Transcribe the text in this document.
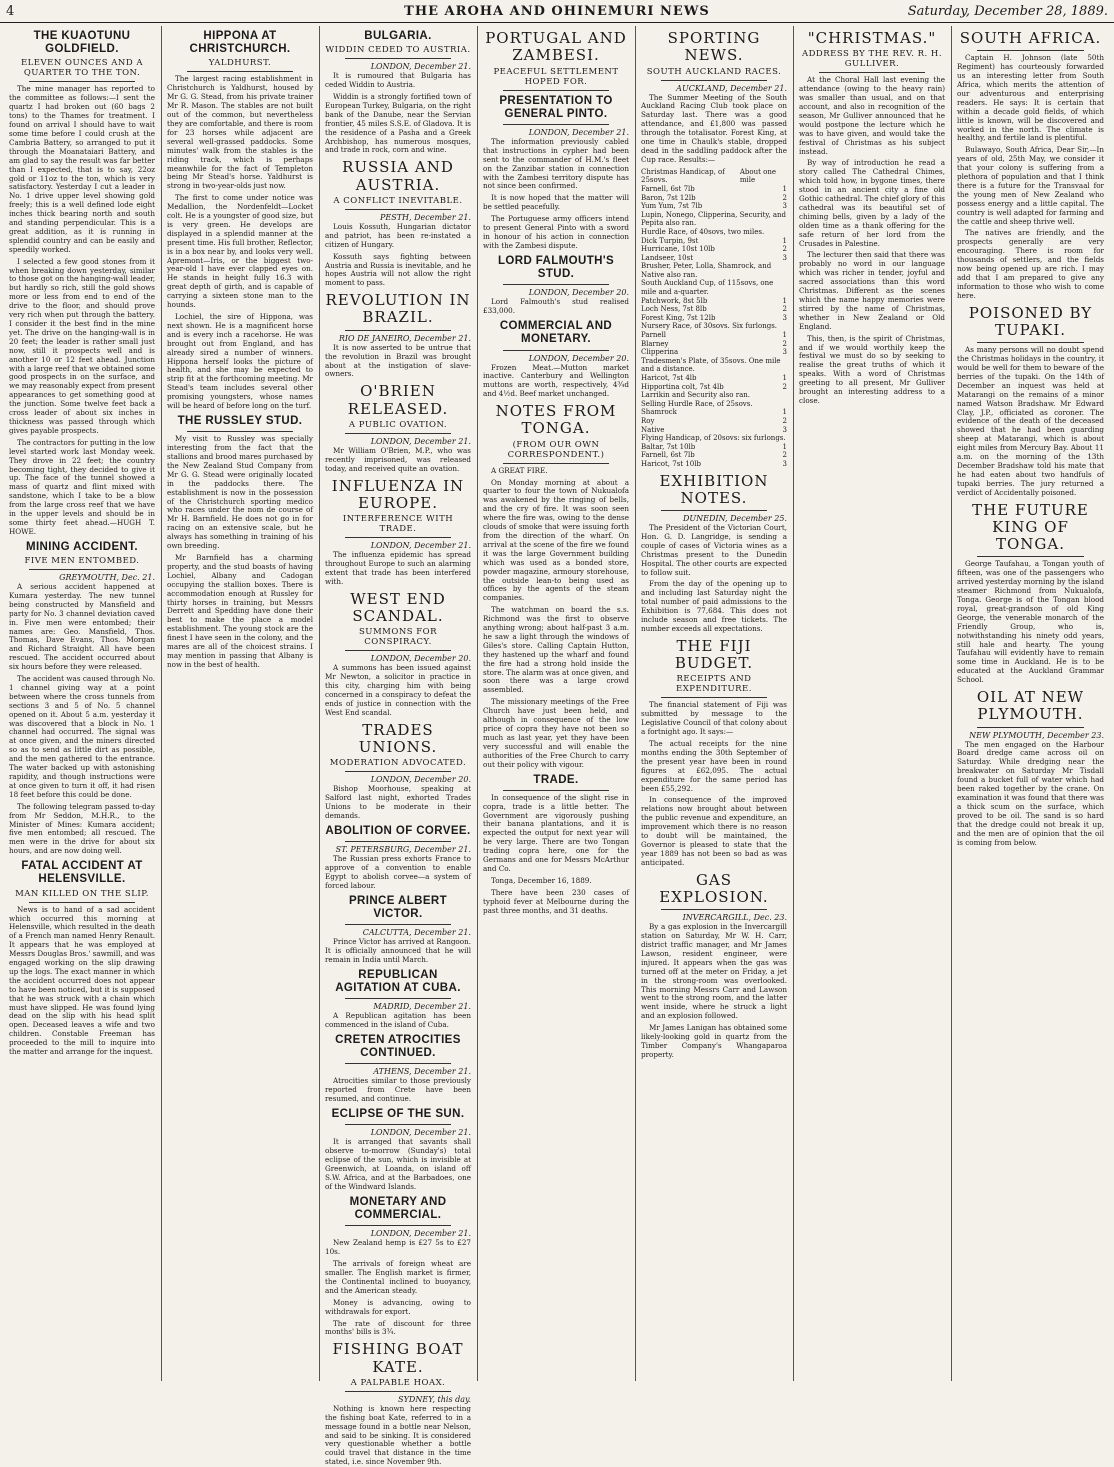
4	THE AROHA AND OHINEMURI NEWS	Saturday, December 28, 1889.
THE KUAOTUNU GOLDFIELD.
ELEVEN OUNCES AND A QUARTER TO THE TON.

The mine manager has reported to the committee as follows:—I sent the quartz I had broken out (60 bags 2 tons) to the Thames for treatment. I found on arrival I should have to wait some time before I could crush at the Cambria Battery, so arranged to put it through the Moanataiari Battery, and am glad to say the result was far better than I expected, that is to say, 22oz gold or 11oz to the ton, which is very satisfactory. Yesterday I cut a leader in No. 1 drive upper level showing gold freely; this is a well defined lode eight inches thick bearing north and south and standing perpendicular. This is a great addition, as it is running in splendid country and can be easily and speedily worked.

I selected a few good stones from it when breaking down yesterday, similar to those got on the hanging-wall leader, but hardly so rich, still the gold shows more or less from end to end of the drive to the floor, and should prove very rich when put through the battery. I consider it the best find in the mine yet. The drive on the hanging-wall is in 20 feet; the leader is rather small just now, still it prospects well and is another 10 or 12 feet ahead. Junction with a large reef that we obtained some good prospects in on the surface, and we may reasonably expect from present appearances to get something good at the junction. Some twelve feet back a cross leader of about six inches in thickness was passed through which gives payable prospects.

The contractors for putting in the low level started work last Monday week. They drove in 22 feet; the country becoming tight, they decided to give it up. The face of the tunnel showed a mass of quartz and flint mixed with sandstone, which I take to be a blow from the large cross reef that we have in the upper levels and should be in some thirty feet ahead.—HUGH T. HOWE.

MINING ACCIDENT.
FIVE MEN ENTOMBED.
GREYMOUTH, Dec. 21.

A serious accident happened at Kumara yesterday. The new tunnel being constructed by Mansfield and party for No. 3 channel deviation caved in. Five men were entombed; their names are: Geo. Mansfield, Thos. Thomas, Dave Evans, Thos. Morgan and Richard Straight. All have been rescued. The accident occurred about six hours before they were released.

The accident was caused through No. 1 channel giving way at a point between where the cross tunnels from sections 3 and 5 of No. 5 channel opened on it. About 5 a.m. yesterday it was discovered that a block in No. 1 channel had occurred. The signal was at once given, and the miners directed so as to send as little dirt as possible, and the men gathered to the entrance. The water backed up with astonishing rapidity, and though instructions were at once given to turn it off, it had risen 18 feet before this could be done.

The following telegram passed to-day from Mr Seddon, M.H.R., to the Minister of Mines: Kumara accident; five men entombed; all rescued. The men were in the drive for about six hours, and are now doing well.

FATAL ACCIDENT AT HELENSVILLE.
MAN KILLED ON THE SLIP.

News is to hand of a sad accident which occurred this morning at Helensville, which resulted in the death of a French man named Henry Renault. It appears that he was employed at Messrs Douglas Bros.' sawmill, and was engaged working on the slip drawing up the logs. The exact manner in which the accident occurred does not appear to have been noticed, but it is supposed that he was struck with a chain which must have slipped. He was found lying dead on the slip with his head split open. Deceased leaves a wife and two children. Constable Freeman has proceeded to the mill to inquire into the matter and arrange for the inquest.

HIPPONA AT CHRISTCHURCH.
YALDHURST.

The largest racing establishment in Christchurch is Yaldhurst, housed by Mr G. G. Stead, from his private trainer Mr R. Mason. The stables are not built out of the common, but nevertheless they are comfortable, and there is room for 23 horses while adjacent are several well-grassed paddocks. Some minutes' walk from the stables is the riding track, which is perhaps meanwhile for the fact of Templeton being Mr Stead's horse. Yaldhurst is strong in two-year-olds just now.

The first to come under notice was Medallion, the Nordenfeldt—Locket colt. He is a youngster of good size, but is very green. He develops are displayed in a splendid manner at the present time. His full brother, Reflector, is in a box near by, and looks very well. Apremont—Iris, or the biggest two-year-old I have ever clapped eyes on. He stands in height fully 16.3 with great depth of girth, and is capable of carrying a sixteen stone man to the hounds.

Lochiel, the sire of Hippona, was next shown. He is a magnificent horse and is every inch a racehorse. He was brought out from England, and has already sired a number of winners. Hippona herself looks the picture of health, and she may be expected to strip fit at the forthcoming meeting. Mr Stead's team includes several other promising youngsters, whose names will be heard of before long on the turf.

THE RUSSLEY STUD.

My visit to Russley was specially interesting from the fact that the stallions and brood mares purchased by the New Zealand Stud Company from Mr G. G. Stead were originally located in the paddocks there. The establishment is now in the possession of the Christchurch sporting medico who races under the nom de course of Mr H. Barnfield. He does not go in for racing on an extensive scale, but he always has something in training of his own breeding.

Mr Barnfield has a charming property, and the stud boasts of having Lochiel, Albany and Cadogan occupying the stallion boxes. There is accommodation enough at Russley for thirty horses in training, but Messrs Derrett and Spedding have done their best to make the place a model establishment. The young stock are the finest I have seen in the colony, and the mares are all of the choicest strains. I may mention in passing that Albany is now in the best of health.

BULGARIA.
WIDDIN CEDED TO AUSTRIA.
LONDON, December 21.

It is rumoured that Bulgaria has ceded Widdin to Austria.

Widdin is a strongly fortified town of European Turkey, Bulgaria, on the right bank of the Danube, near the Servian frontier, 45 miles S.S.E. of Gladova. It is the residence of a Pasha and a Greek Archbishop, has numerous mosques, and trade in rock, corn and wine.

RUSSIA AND AUSTRIA.
A CONFLICT INEVITABLE.
PESTH, December 21.

Louis Kossuth, Hungarian dictator and patriot, has been re-instated a citizen of Hungary.

Kossuth says fighting between Austria and Russia is inevitable, and he hopes Austria will not allow the right moment to pass.

REVOLUTION IN BRAZIL.
RIO DE JANEIRO, December 21.

It is now asserted to be untrue that the revolution in Brazil was brought about at the instigation of slave-owners.

O'BRIEN RELEASED.
A PUBLIC OVATION.
LONDON, December 21.

Mr William O'Brien, M.P., who was recently imprisoned, was released today, and received quite an ovation.

INFLUENZA IN EUROPE.
INTERFERENCE WITH TRADE.
LONDON, December 21.

The influenza epidemic has spread throughout Europe to such an alarming extent that trade has been interfered with.

WEST END SCANDAL.
SUMMONS FOR CONSPIRACY.
LONDON, December 20.

A summons has been issued against Mr Newton, a solicitor in practice in this city, charging him with being concerned in a conspiracy to defeat the ends of justice in connection with the West End scandal.

TRADES UNIONS.
MODERATION ADVOCATED.
LONDON, December 20.

Bishop Moorhouse, speaking at Salford last night, exhorted Trades Unions to be moderate in their demands.

ABOLITION OF CORVEE.
ST. PETERSBURG, December 21.

The Russian press exhorts France to approve of a convention to enable Egypt to abolish corvee—a system of forced labour.

PRINCE ALBERT VICTOR.
CALCUTTA, December 21.

Prince Victor has arrived at Rangoon. It is officially announced that he will remain in India until March.

REPUBLICAN AGITATION AT CUBA.
MADRID, December 21.

A Republican agitation has been commenced in the island of Cuba.

CRETEN ATROCITIES CONTINUED.
ATHENS, December 21.

Atrocities similar to those previously reported from Crete have been resumed, and continue.

ECLIPSE OF THE SUN.
LONDON, December 21.

It is arranged that savants shall observe to-morrow (Sunday's) total eclipse of the sun, which is invisible at Greenwich, at Loanda, on island off S.W. Africa, and at the Barbadoes, one of the Windward Islands.

MONETARY AND COMMERCIAL.
LONDON, December 21.

New Zealand hemp is £27 5s to £27 10s.

The arrivals of foreign wheat are smaller. The English market is firmer, the Continental inclined to buoyancy, and the American steady.

Money is advancing, owing to withdrawals for export.

The rate of discount for three months' bills is 3¾.

FISHING BOAT KATE.
A PALPABLE HOAX.
SYDNEY, this day.

Nothing is known here respecting the fishing boat Kate, referred to in a message found in a bottle near Nelson, and said to be sinking. It is considered very questionable whether a bottle could travel that distance in the time stated, i.e. since November 9th.

PORTUGAL AND ZAMBESI.
PEACEFUL SETTLEMENT HOPED FOR.
PRESENTATION TO GENERAL PINTO.
LONDON, December 21.

The information previously cabled that instructions in cypher had been sent to the commander of H.M.'s fleet on the Zanzibar station in connection with the Zambesi territory dispute has not since been confirmed.

It is now hoped that the matter will be settled peacefully.

The Portuguese army officers intend to present General Pinto with a sword in honour of his action in connection with the Zambesi dispute.

LORD FALMOUTH'S STUD.
LONDON, December 20.

Lord Falmouth's stud realised £33,000.

COMMERCIAL AND MONETARY.
LONDON, December 20.

Frozen Meat.—Mutton market inactive. Canterbury and Wellington muttons are worth, respectively, 4¾d and 4½d. Beef market unchanged.

NOTES FROM TONGA.
(FROM OUR OWN CORRESPONDENT.)

A GREAT FIRE.

On Monday morning at about a quarter to four the town of Nukualofa was awakened by the ringing of bells, and the cry of fire. It was soon seen where the fire was, owing to the dense clouds of smoke that were issuing forth from the direction of the wharf. On arrival at the scene of the fire we found it was the large Government building which was used as a bonded store, powder magazine, armoury storehouse, the outside lean-to being used as offices by the agents of the steam companies.

The watchman on board the s.s. Richmond was the first to observe anything wrong; about half-past 3 a.m. he saw a light through the windows of Giles's store. Calling Captain Hutton, they hastened up the wharf and found the fire had a strong hold inside the store. The alarm was at once given, and soon there was a large crowd assembled.

The missionary meetings of the Free Church have just been held, and although in consequence of the low price of copra they have not been so much as last year, yet they have been very successful and will enable the authorities of the Free Church to carry out their policy with vigour.

TRADE.

In consequence of the slight rise in copra, trade is a little better. The Government are vigorously pushing their banana plantations, and it is expected the output for next year will be very large. There are two Tongan trading copra here, one for the Germans and one for Messrs McArthur and Co.

Tonga, December 16, 1889.

There have been 230 cases of typhoid fever at Melbourne during the past three months, and 31 deaths.

SPORTING NEWS.
SOUTH AUCKLAND RACES.
AUCKLAND, December 21.

The Summer Meeting of the South Auckland Racing Club took place on Saturday last. There was a good attendance, and £1,800 was passed through the totalisator. Forest King, at one time in Chaulk's stable, dropped dead in the saddling paddock after the Cup race. Results:—

Christmas Handicap, of 25sovs.
About one mile
Farnell, 6st 7lb	1
Baron, 7st 12lb	2
Yum Yum, 7st 7lb	3
Lupin, Nonego, Clipperina, Security, and Pepita also ran.
Hurdle Race, of 40sovs, two miles.
Dick Turpin, 9st	1
Hurricane, 10st 10lb	2
Landseer, 10st	3
Brusher, Peter, Lolla, Shamrock, and Native also ran.
South Auckland Cup, of 115sovs, one mile and a-quarter.
Patchwork, 8st 5lb	1
Loch Ness, 7st 8lb	2
Forest King, 7st 12lb	3
Nursery Race, of 30sovs. Six furlongs.
Parnell	1
Blarney	2
Clipperina	3
Tradesmen's Plate, of 35sovs. One mile and a distance.
Haricot, 7st 4lb	1
Hipportina colt, 7st 4lb	2
Larrikin and Security also ran.
Selling Hurdle Race, of 25sovs.
Shamrock	1
Roy	2
Native	3
Flying Handicap, of 20sovs: six furlongs.
Baltar, 7st 10lb	1
Farnell, 6st 7lb	2
Haricot, 7st 10lb	3
EXHIBITION NOTES.
DUNEDIN, December 25.

The President of the Victorian Court, Hon. G. D. Langridge, is sending a couple of cases of Victoria wines as a Christmas present to the Dunedin Hospital. The other courts are expected to follow suit.

From the day of the opening up to and including last Saturday night the total number of paid admissions to the Exhibition is 77,684. This does not include season and free tickets. The number exceeds all expectations.

THE FIJI BUDGET.
RECEIPTS AND EXPENDITURE.

The financial statement of Fiji was submitted by message to the Legislative Council of that colony about a fortnight ago. It says:—

The actual receipts for the nine months ending the 30th September of the present year have been in round figures at £62,095. The actual expenditure for the same period has been £55,292.

In consequence of the improved relations now brought about between the public revenue and expenditure, an improvement which there is no reason to doubt will be maintained, the Governor is pleased to state that the year 1889 has not been so bad as was anticipated.

GAS EXPLOSION.
INVERCARGILL, Dec. 23.

By a gas explosion in the Invercargill station on Saturday, Mr W. H. Carr, district traffic manager, and Mr James Lawson, resident engineer, were injured. It appears when the gas was turned off at the meter on Friday, a jet in the strong-room was overlooked. This morning Messrs Carr and Lawson went to the strong room, and the latter went inside, where he struck a light and an explosion followed.

Mr James Lanigan has obtained some likely-looking gold in quartz from the Timber Company's Whangaparoa property.

"CHRISTMAS."
ADDRESS BY THE REV. R. H. GULLIVER.

At the Choral Hall last evening the attendance (owing to the heavy rain) was smaller than usual, and on that account, and also in recognition of the season, Mr Gulliver announced that he would postpone the lecture which he was to have given, and would take the festival of Christmas as his subject instead.

By way of introduction he read a story called The Cathedral Chimes, which told how, in bygone times, there stood in an ancient city a fine old Gothic cathedral. The chief glory of this cathedral was its beautiful set of chiming bells, given by a lady of the olden time as a thank offering for the safe return of her lord from the Crusades in Palestine.

The lecturer then said that there was probably no word in our language which was richer in tender, joyful and sacred associations than this word Christmas. Different as the scenes which the name happy memories were stirred by the name of Christmas, whether in New Zealand or Old England.

This, then, is the spirit of Christmas, and if we would worthily keep the festival we must do so by seeking to realise the great truths of which it speaks. With a word of Christmas greeting to all present, Mr Gulliver brought an interesting address to a close.

SOUTH AFRICA.

Captain H. Johnson (late 50th Regiment) has courteously forwarded us an interesting letter from South Africa, which merits the attention of our adventurous and enterprising readers. He says: It is certain that within a decade gold fields, of which little is known, will be discovered and worked in the north. The climate is healthy, and fertile land is plentiful.

Bulawayo, South Africa, Dear Sir,—In years of old, 25th May, we consider it that your colony is suffering from a plethora of population and that I think there is a future for the Transvaal for the young men of New Zealand who possess energy and a little capital. The country is well adapted for farming and the cattle and sheep thrive well.

The natives are friendly, and the prospects generally are very encouraging. There is room for thousands of settlers, and the fields now being opened up are rich. I may add that I am prepared to give any information to those who wish to come here.

POISONED BY TUPAKI.

As many persons will no doubt spend the Christmas holidays in the country, it would be well for them to beware of the berries of the tupaki. On the 14th of December an inquest was held at Matarangi on the remains of a minor named Watson Bradshaw. Mr Edward Clay, J.P., officiated as coroner. The evidence of the death of the deceased showed that he had been guarding sheep at Matarangi, which is about eight miles from Mercury Bay. About 11 a.m. on the morning of the 13th December Bradshaw told his mate that he had eaten about two handfuls of tupaki berries. The jury returned a verdict of Accidentally poisoned.

THE FUTURE KING OF TONGA.

George Taufahau, a Tongan youth of fifteen, was one of the passengers who arrived yesterday morning by the island steamer Richmond from Nukualofa, Tonga. George is of the Tongan blood royal, great-grandson of old King George, the venerable monarch of the Friendly Group, who is, notwithstanding his ninety odd years, still hale and hearty. The young Taufahau will evidently have to remain some time in Auckland. He is to be educated at the Auckland Grammar School.

OIL AT NEW PLYMOUTH.
NEW PLYMOUTH, December 23.

The men engaged on the Harbour Board dredge came across oil on Saturday. While dredging near the breakwater on Saturday Mr Tisdall found a bucket full of water which had been raked together by the crane. On examination it was found that there was a thick scum on the surface, which proved to be oil. The sand is so hard that the dredge could not break it up, and the men are of opinion that the oil is coming from below.
